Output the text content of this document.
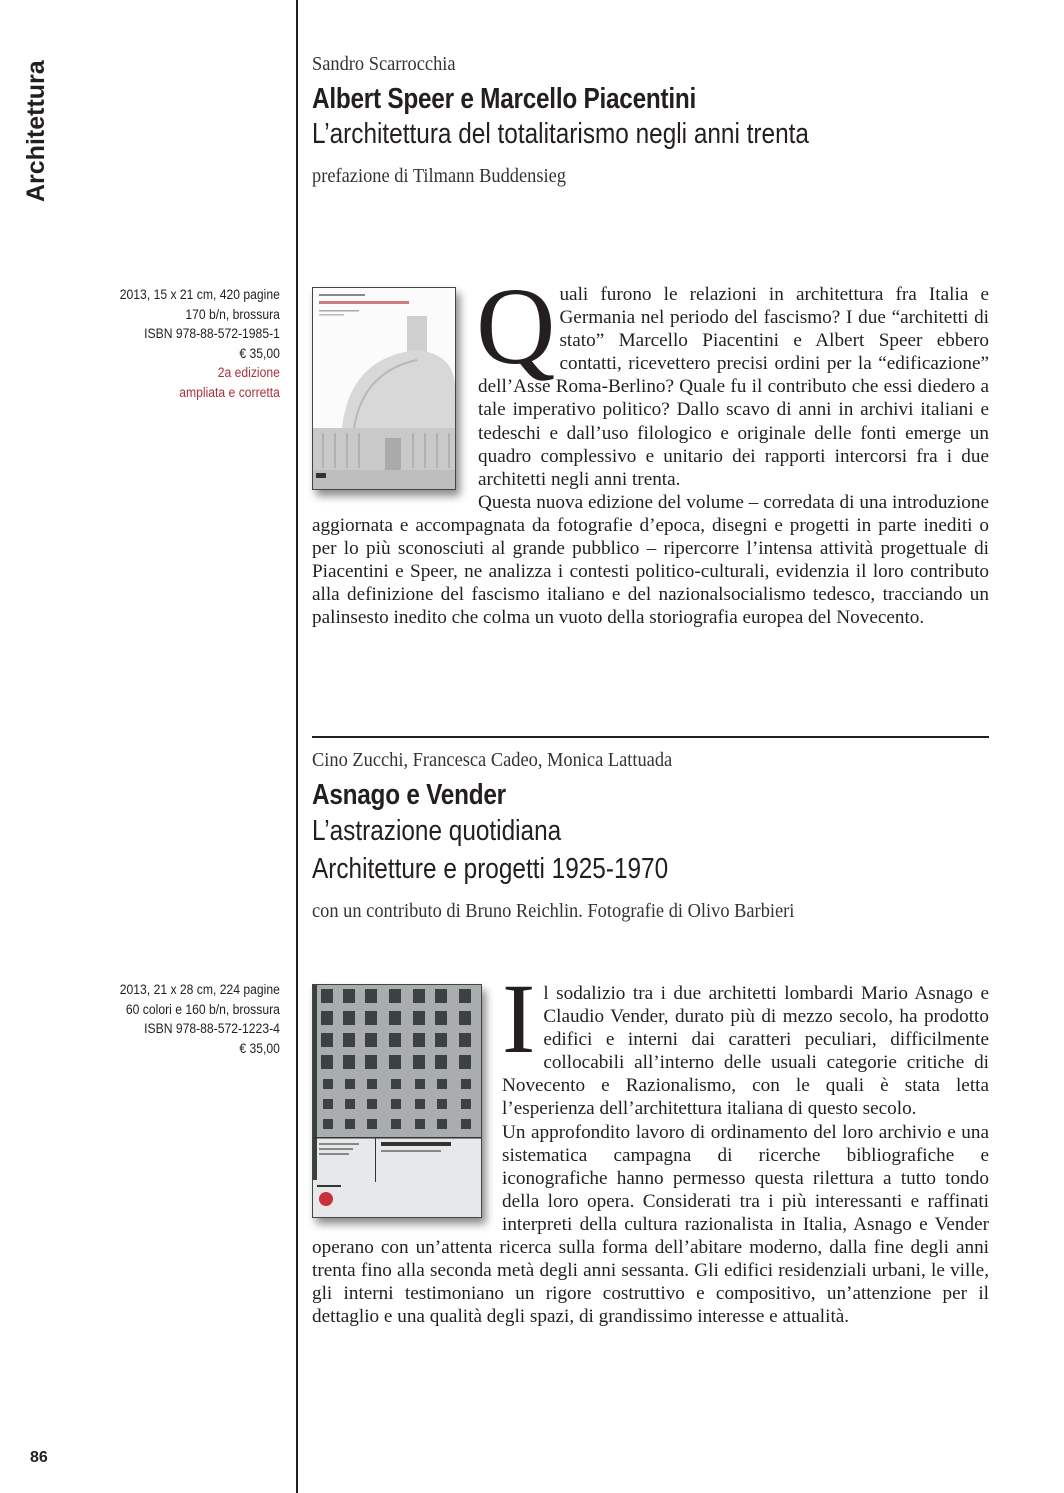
Architettura	Sandro Scarrocchia
Albert Speer e Marcello Piacentini
L’architettura del totalitarismo negli anni trenta
prefazione di Tilmann Buddensieg
2013, 15 x 21 cm, 420 pagine
170 b/n, brossura
ISBN 978-88-572-1985-1
€ 35,00
2a edizione
ampliata e corretta
Quali furono le relazioni in architettura fra Italia e Germania nel periodo del fascismo? I due “architetti di stato” Marcello Piacentini e Albert Speer ebbero contatti, ricevettero precisi ordini per la “edificazione” dell’Asse Roma-Berlino? Quale fu il contributo che essi diedero a tale imperativo politico? Dallo scavo di anni in archivi italiani e tedeschi e dall’uso filologico e originale delle fonti emerge un quadro complessivo e unitario dei rapporti intercorsi fra i due architetti negli anni trenta.
Questa nuova edizione del volume – corredata di una introduzione aggiornata e accompagnata da fotografie d’epoca, disegni e progetti in parte inediti o per lo più sconosciuti al grande pubblico – ripercorre l’intensa attività progettuale di Piacentini e Speer, ne analizza i contesti politico-culturali, evidenzia il loro contributo alla definizione del fascismo italiano e del nazionalsocialismo tedesco, tracciando un palinsesto inedito che colma un vuoto della storiografia europea del Novecento.
Cino Zucchi, Francesca Cadeo, Monica Lattuada
Asnago e Vender
L’astrazione quotidiana
Architetture e progetti 1925-1970
con un contributo di Bruno Reichlin. Fotografie di Olivo Barbieri
2013, 21 x 28 cm, 224 pagine
60 colori e 160 b/n, brossura
ISBN 978-88-572-1223-4
€ 35,00 Il sodalizio tra i due architetti lombardi Mario Asnago e Claudio Vender, durato più di mezzo secolo, ha prodotto edifici e interni dai caratteri peculiari, difficilmente collocabili all’interno delle usuali categorie critiche di Novecento e Razionalismo, con le quali è stata letta l’esperienza dell’architettura italiana di questo secolo.
Un approfondito lavoro di ordinamento del loro archivio e una sistematica campagna di ricerche bibliografiche e iconografiche hanno permesso questa rilettura a tutto tondo della loro opera. Considerati tra i più interessanti e raffinati interpreti della cultura razionalista in Italia, Asnago e Vender operano con un’attenta ricerca sulla forma dell’abitare moderno, dalla fine degli anni trenta fino alla seconda metà degli anni sessanta. Gli edifici residenziali urbani, le ville, gli interni testimoniano un rigore costruttivo e compositivo, un’attenzione per il dettaglio e una qualità degli spazi, di grandissimo interesse e attualità.
86
